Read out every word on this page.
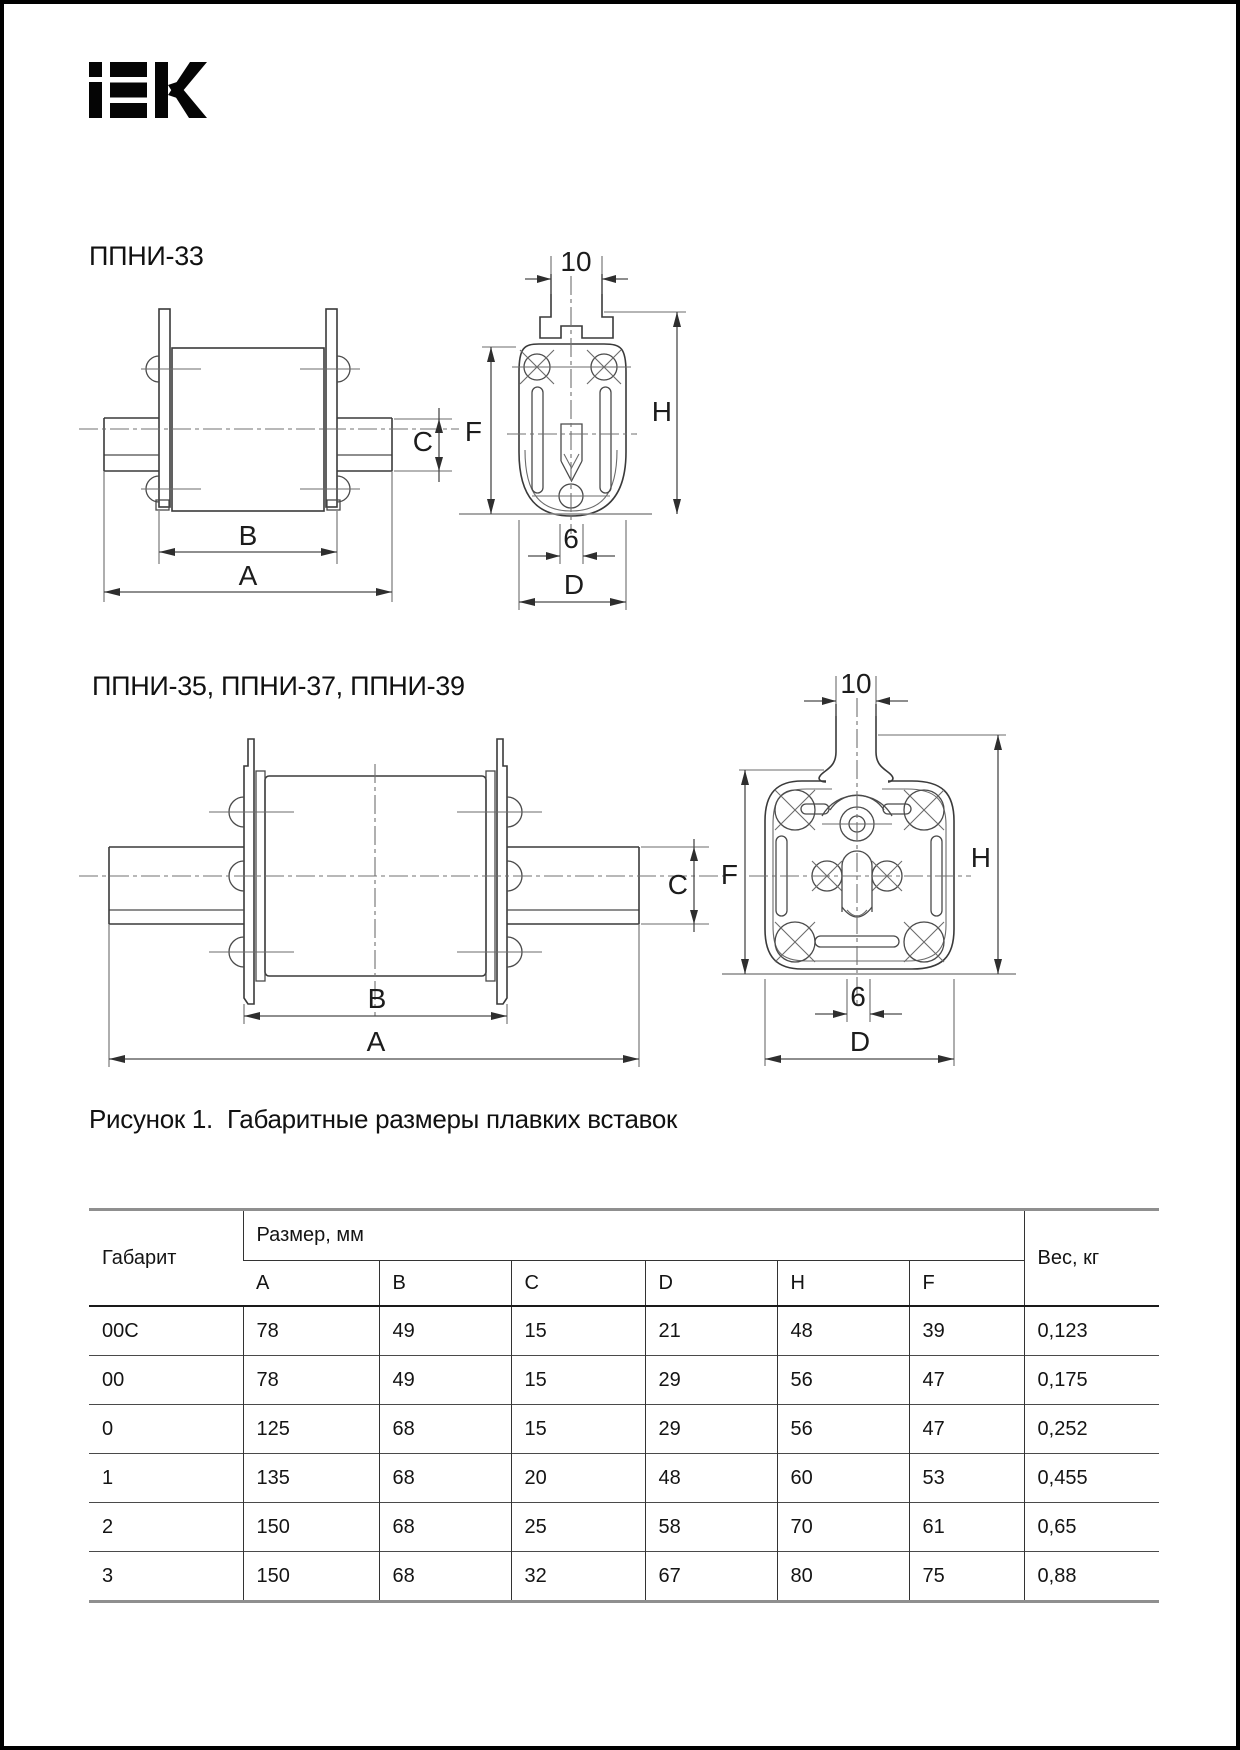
ППНИ-33
B
A
C
10
F
H
6
D
ППНИ-35, ППНИ-37, ППНИ-39
B
A
C
10
H
F
6
D
Рисунок 1. Габаритные размеры плавких вставок
Габарит	Размер, мм						Вес, кг
	A	B	C	D	H	F	
00C	78	49	15	21	48	39	0,123
00	78	49	15	29	56	47	0,175
0	125	68	15	29	56	47	0,252
1	135	68	20	48	60	53	0,455
2	150	68	25	58	70	61	0,65
3	150	68	32	67	80	75	0,88
